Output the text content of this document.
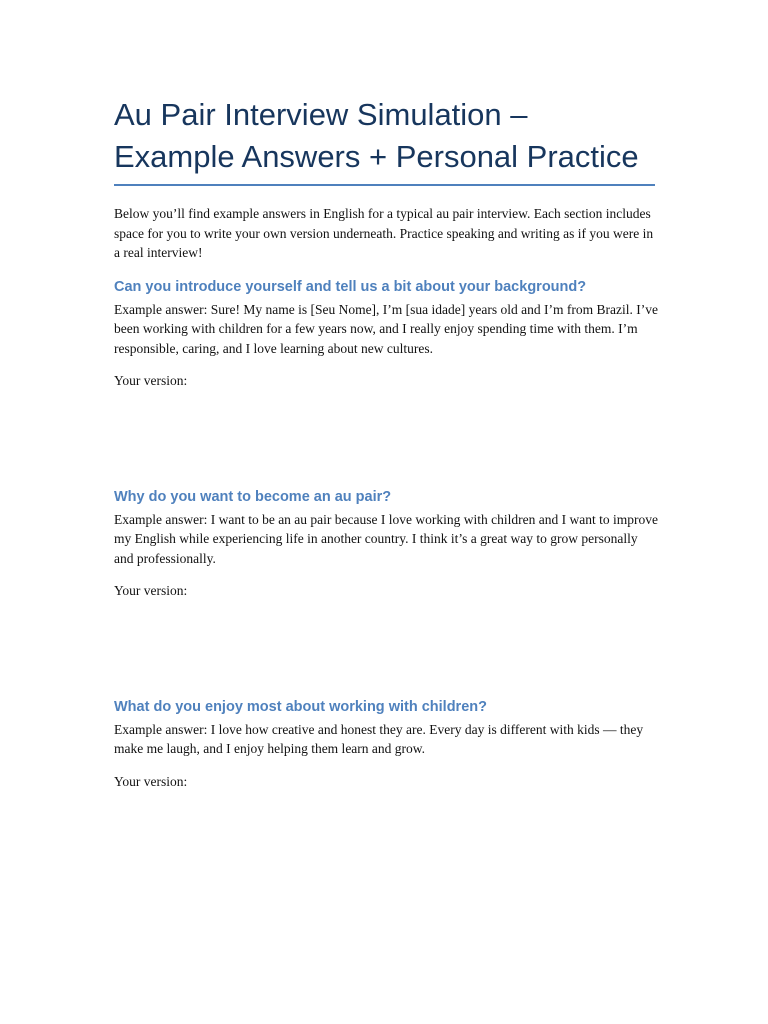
Au Pair Interview Simulation – Example Answers + Personal Practice

Below you’ll find example answers in English for a typical au pair interview. Each section includes space for you to write your own version underneath. Practice speaking and writing as if you were in a real interview!

Can you introduce yourself and tell us a bit about your background?

Example answer: Sure! My name is [Seu Nome], I’m [sua idade] years old and I’m from Brazil. I’ve been working with children for a few years now, and I really enjoy spending time with them. I’m responsible, caring, and I love learning about new cultures.

Your version:

Why do you want to become an au pair?

Example answer: I want to be an au pair because I love working with children and I want to improve my English while experiencing life in another country. I think it’s a great way to grow personally and professionally.

Your version:

What do you enjoy most about working with children?

Example answer: I love how creative and honest they are. Every day is different with kids — they make me laugh, and I enjoy helping them learn and grow.

Your version:
